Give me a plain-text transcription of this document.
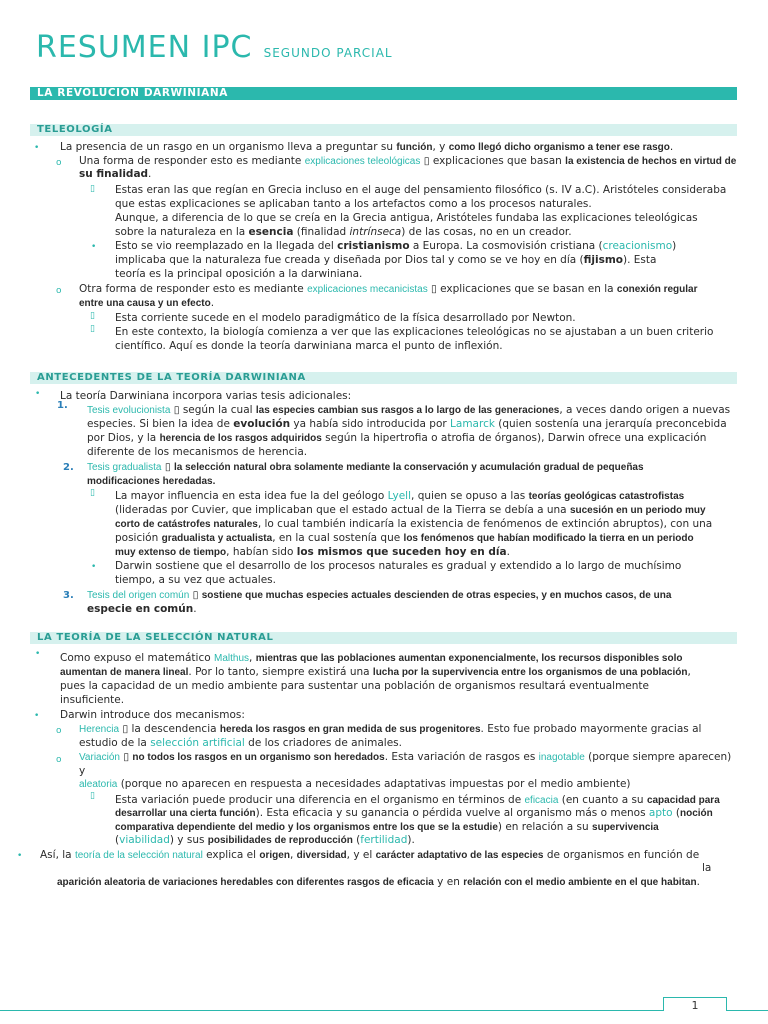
RESUMEN IPC SEGUNDO PARCIAL
LA REVOLUCION DARWINIANA
TELEOLOGÍA
• La presencia de un rasgo en un organismo lleva a preguntar su función, y como llegó dicho organismo a tener ese rasgo.
o Una forma de responder esto es mediante explicaciones teleológicas ▯ explicaciones que basan la existencia de hechos en virtud de
su finalidad.
▯ Estas eran las que regían en Grecia incluso en el auge del pensamiento filosófico (s. IV a.C). Aristóteles consideraba
que estas explicaciones se aplicaban tanto a los artefactos como a los procesos naturales.
Aunque, a diferencia de lo que se creía en la Grecia antigua, Aristóteles fundaba las explicaciones teleológicas
sobre la naturaleza en la esencia (finalidad intrínseca) de las cosas, no en un creador.
• Esto se vio reemplazado en la llegada del cristianismo a Europa. La cosmovisión cristiana (creacionismo)
implicaba que la naturaleza fue creada y diseñada por Dios tal y como se ve hoy en día (fijismo). Esta
teoría es la principal oposición a la darwiniana.
o Otra forma de responder esto es mediante explicaciones mecanicistas ▯ explicaciones que se basan en la conexión regular
entre una causa y un efecto.
▯ Esta corriente sucede en el modelo paradigmático de la física desarrollado por Newton.
▯ En este contexto, la biología comienza a ver que las explicaciones teleológicas no se ajustaban a un buen criterio
científico. Aquí es donde la teoría darwiniana marca el punto de inflexión.
ANTECEDENTES DE LA TEORÍA DARWINIANA
• La teoría Darwiniana incorpora varias tesis adicionales:
1. Tesis evolucionista ▯ según la cual las especies cambian sus rasgos a lo largo de las generaciones, a veces dando origen a nuevas
especies. Si bien la idea de evolución ya había sido introducida por Lamarck (quien sostenía una jerarquía preconcebida
por Dios, y la herencia de los rasgos adquiridos según la hipertrofia o atrofia de órganos), Darwin ofrece una explicación
diferente de los mecanismos de herencia.
2. Tesis gradualista ▯ la selección natural obra solamente mediante la conservación y acumulación gradual de pequeñas
modificaciones heredadas.
▯ La mayor influencia en esta idea fue la del geólogo Lyell, quien se opuso a las teorías geológicas catastrofistas
(lideradas por Cuvier, que implicaban que el estado actual de la Tierra se debía a una sucesión en un periodo muy
corto de catástrofes naturales, lo cual también indicaría la existencia de fenómenos de extinción abruptos), con una
posición gradualista y actualista, en la cual sostenía que los fenómenos que habían modificado la tierra en un periodo
muy extenso de tiempo, habían sido los mismos que suceden hoy en día.
• Darwin sostiene que el desarrollo de los procesos naturales es gradual y extendido a lo largo de muchísimo
tiempo, a su vez que actuales.
3. Tesis del origen común ▯ sostiene que muchas especies actuales descienden de otras especies, y en muchos casos, de una
especie en común.
LA TEORÍA DE LA SELECCIÓN NATURAL
• Como expuso el matemático Malthus, mientras que las poblaciones aumentan exponencialmente, los recursos disponibles solo
aumentan de manera lineal. Por lo tanto, siempre existirá una lucha por la supervivencia entre los organismos de una población,
pues la capacidad de un medio ambiente para sustentar una población de organismos resultará eventualmente
insuficiente.
• Darwin introduce dos mecanismos:
o Herencia ▯ la descendencia hereda los rasgos en gran medida de sus progenitores. Esto fue probado mayormente gracias al
estudio de la selección artificial de los criadores de animales.
o Variación ▯ no todos los rasgos en un organismo son heredados. Esta variación de rasgos es inagotable (porque siempre aparecen)
y
aleatoria (porque no aparecen en respuesta a necesidades adaptativas impuestas por el medio ambiente)
▯ Esta variación puede producir una diferencia en el organismo en términos de eficacia (en cuanto a su capacidad para
desarrollar una cierta función). Esta eficacia y su ganancia o pérdida vuelve al organismo más o menos apto (noción
comparativa dependiente del medio y los organismos entre los que se la estudie) en relación a su supervivencia
(viabilidad) y sus posibilidades de reproducción (fertilidad).
• Así, la teoría de la selección natural explica el origen, diversidad, y el carácter adaptativo de las especies de organismos en función de
la
aparición aleatoria de variaciones heredables con diferentes rasgos de eficacia y en relación con el medio ambiente en el que habitan.
1
